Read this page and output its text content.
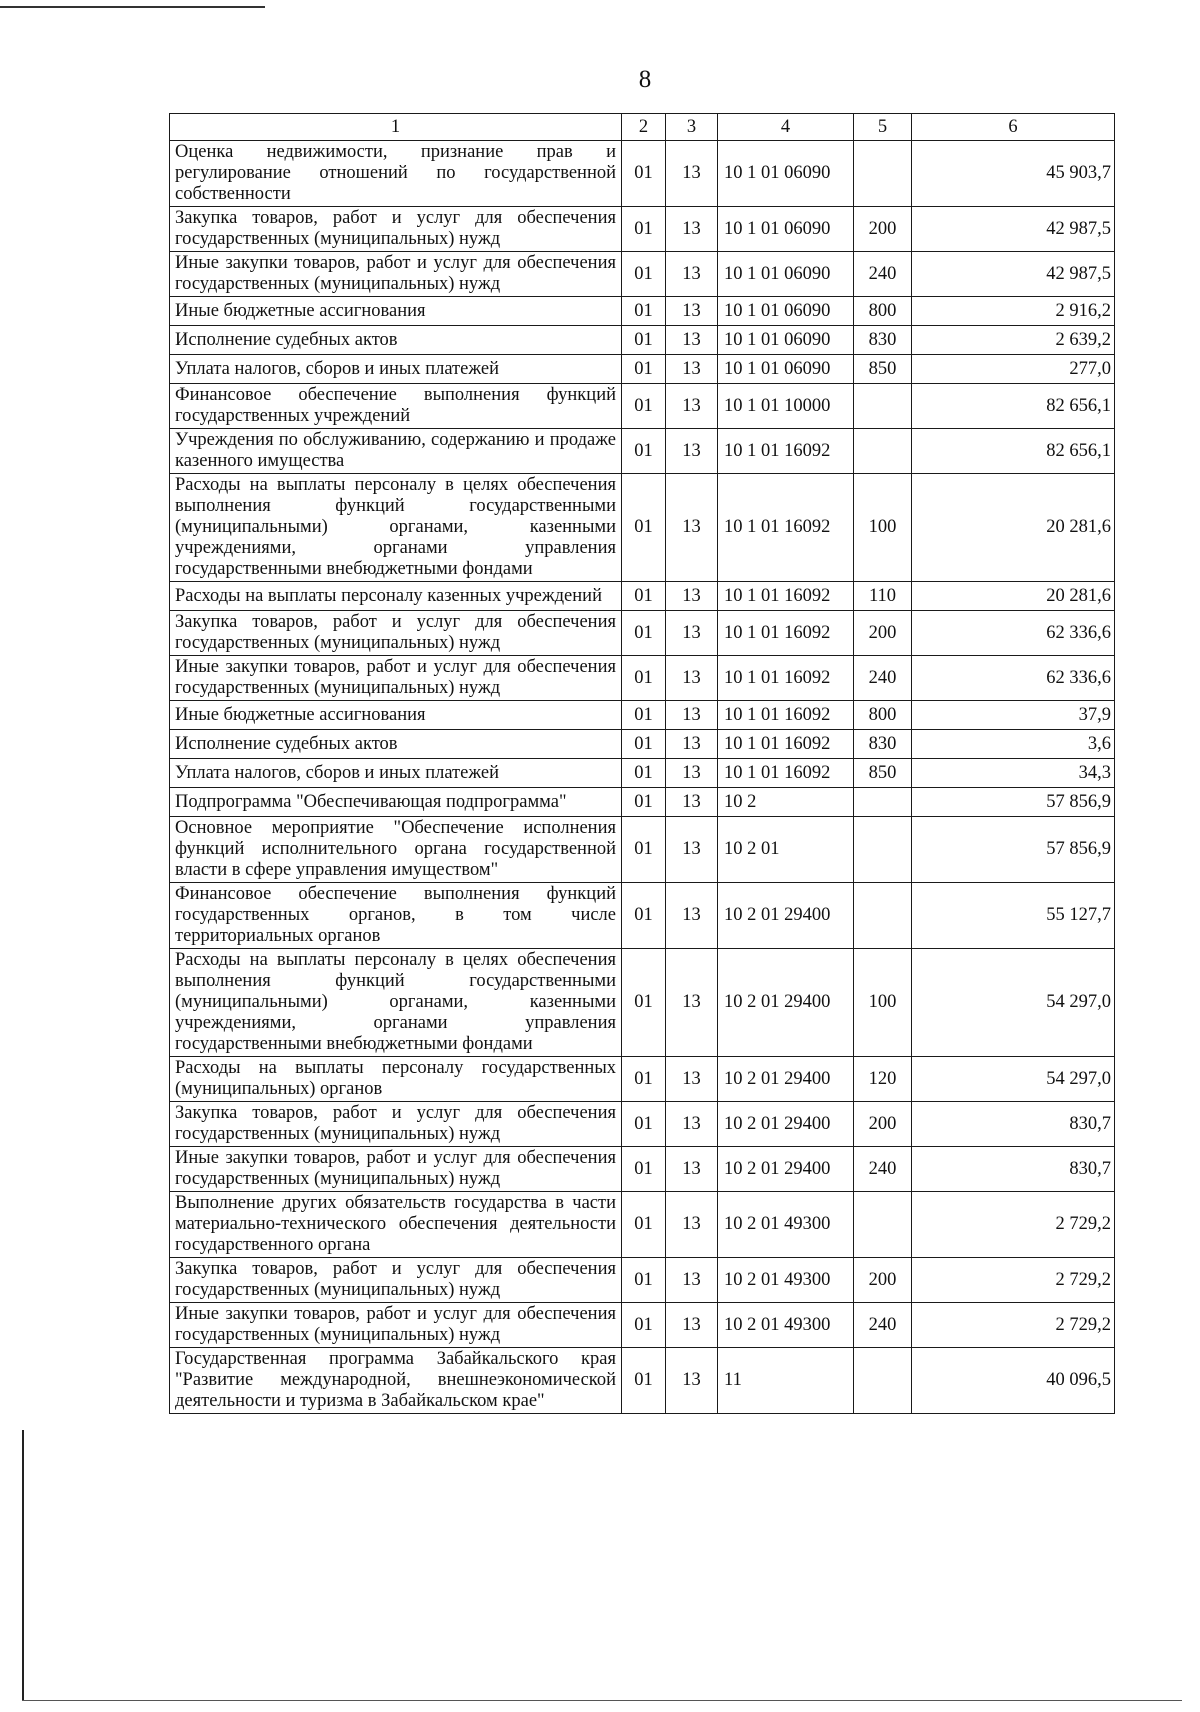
8
1	2	3	4	5	6
Оценка недвижимости, признание прав и регулирование отношений по государственной собственности	01	13	10 1 01 06090		45 903,7
Закупка товаров, работ и услуг для обеспечения государственных (муниципальных) нужд	01	13	10 1 01 06090	200	42 987,5
Иные закупки товаров, работ и услуг для обеспечения государственных (муниципальных) нужд	01	13	10 1 01 06090	240	42 987,5
Иные бюджетные ассигнования	01	13	10 1 01 06090	800	2 916,2
Исполнение судебных актов	01	13	10 1 01 06090	830	2 639,2
Уплата налогов, сборов и иных платежей	01	13	10 1 01 06090	850	277,0
Финансовое обеспечение выполнения функций государственных учреждений	01	13	10 1 01 10000		82 656,1
Учреждения по обслуживанию, содержанию и продаже казенного имущества	01	13	10 1 01 16092		82 656,1
Расходы на выплаты персоналу в целях обеспечения выполнения функций государственными (муниципальными) органами, казенными учреждениями, органами управления государственными внебюджетными фондами	01	13	10 1 01 16092	100	20 281,6
Расходы на выплаты персоналу казенных учреждений	01	13	10 1 01 16092	110	20 281,6
Закупка товаров, работ и услуг для обеспечения государственных (муниципальных) нужд	01	13	10 1 01 16092	200	62 336,6
Иные закупки товаров, работ и услуг для обеспечения государственных (муниципальных) нужд	01	13	10 1 01 16092	240	62 336,6
Иные бюджетные ассигнования	01	13	10 1 01 16092	800	37,9
Исполнение судебных актов	01	13	10 1 01 16092	830	3,6
Уплата налогов, сборов и иных платежей	01	13	10 1 01 16092	850	34,3
Подпрограмма "Обеспечивающая подпрограмма"	01	13	10 2		57 856,9
Основное мероприятие "Обеспечение исполнения функций исполнительного органа государственной власти в сфере управления имуществом"	01	13	10 2 01		57 856,9
Финансовое обеспечение выполнения функций государственных органов, в том числе территориальных органов	01	13	10 2 01 29400		55 127,7
Расходы на выплаты персоналу в целях обеспечения выполнения функций государственными (муниципальными) органами, казенными учреждениями, органами управления государственными внебюджетными фондами	01	13	10 2 01 29400	100	54 297,0
Расходы на выплаты персоналу государственных (муниципальных) органов	01	13	10 2 01 29400	120	54 297,0
Закупка товаров, работ и услуг для обеспечения государственных (муниципальных) нужд	01	13	10 2 01 29400	200	830,7
Иные закупки товаров, работ и услуг для обеспечения государственных (муниципальных) нужд	01	13	10 2 01 29400	240	830,7
Выполнение других обязательств государства в части материально-технического обеспечения деятельности государственного органа	01	13	10 2 01 49300		2 729,2
Закупка товаров, работ и услуг для обеспечения государственных (муниципальных) нужд	01	13	10 2 01 49300	200	2 729,2
Иные закупки товаров, работ и услуг для обеспечения государственных (муниципальных) нужд	01	13	10 2 01 49300	240	2 729,2
Государственная программа Забайкальского края "Развитие международной, внешнеэкономической деятельности и туризма в Забайкальском крае"	01	13	11		40 096,5
